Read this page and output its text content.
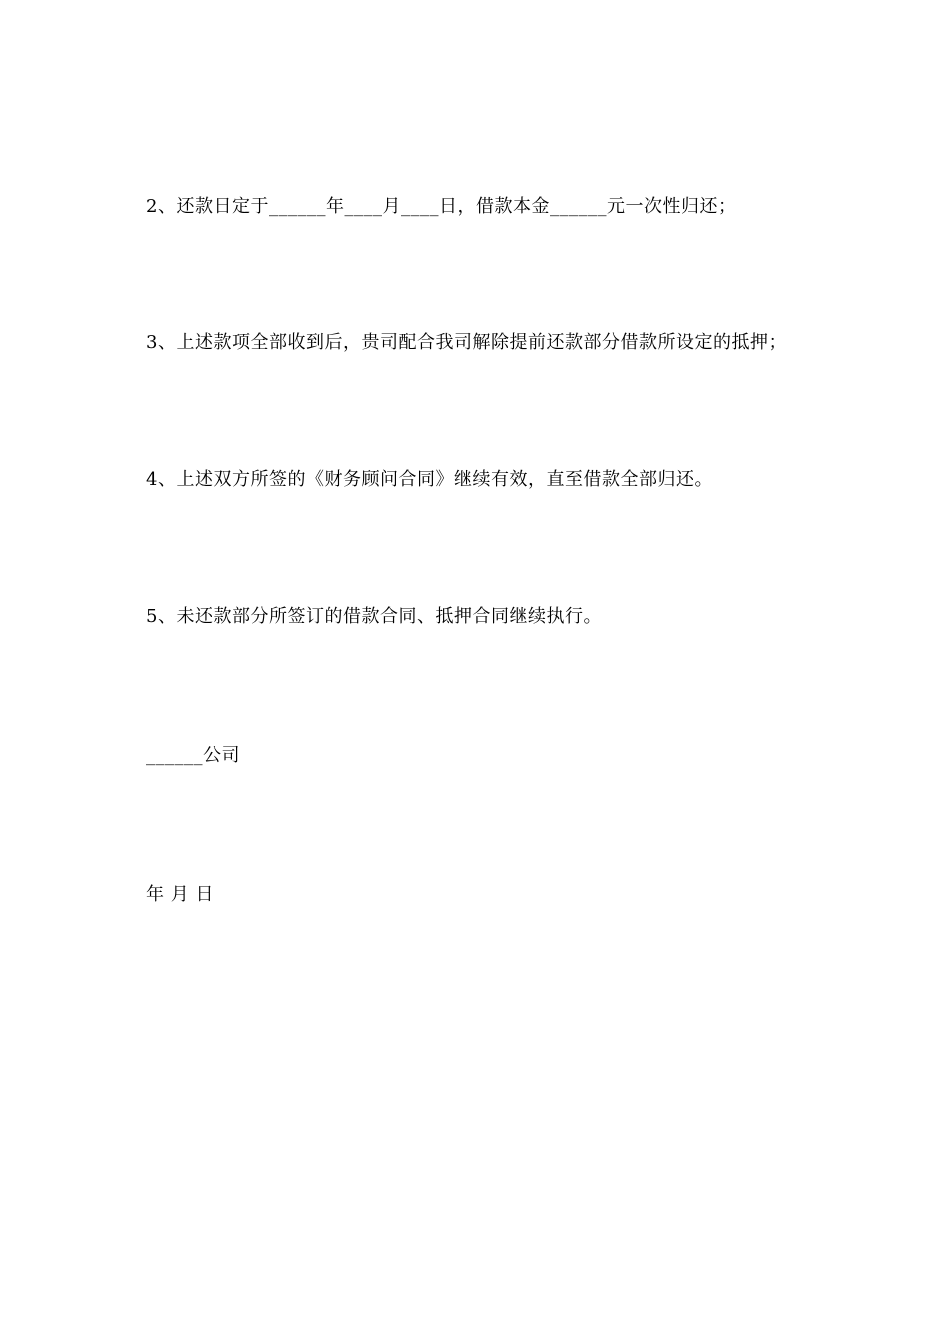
2、还款日定于______年____月____日，借款本金______元一次性归还；
3、上述款项全部收到后，贵司配合我司解除提前还款部分借款所设定的抵押；
4、上述双方所签的《财务顾问合同》继续有效，直至借款全部归还。
5、未还款部分所签订的借款合同、抵押合同继续执行。
______公司
年 月 日
